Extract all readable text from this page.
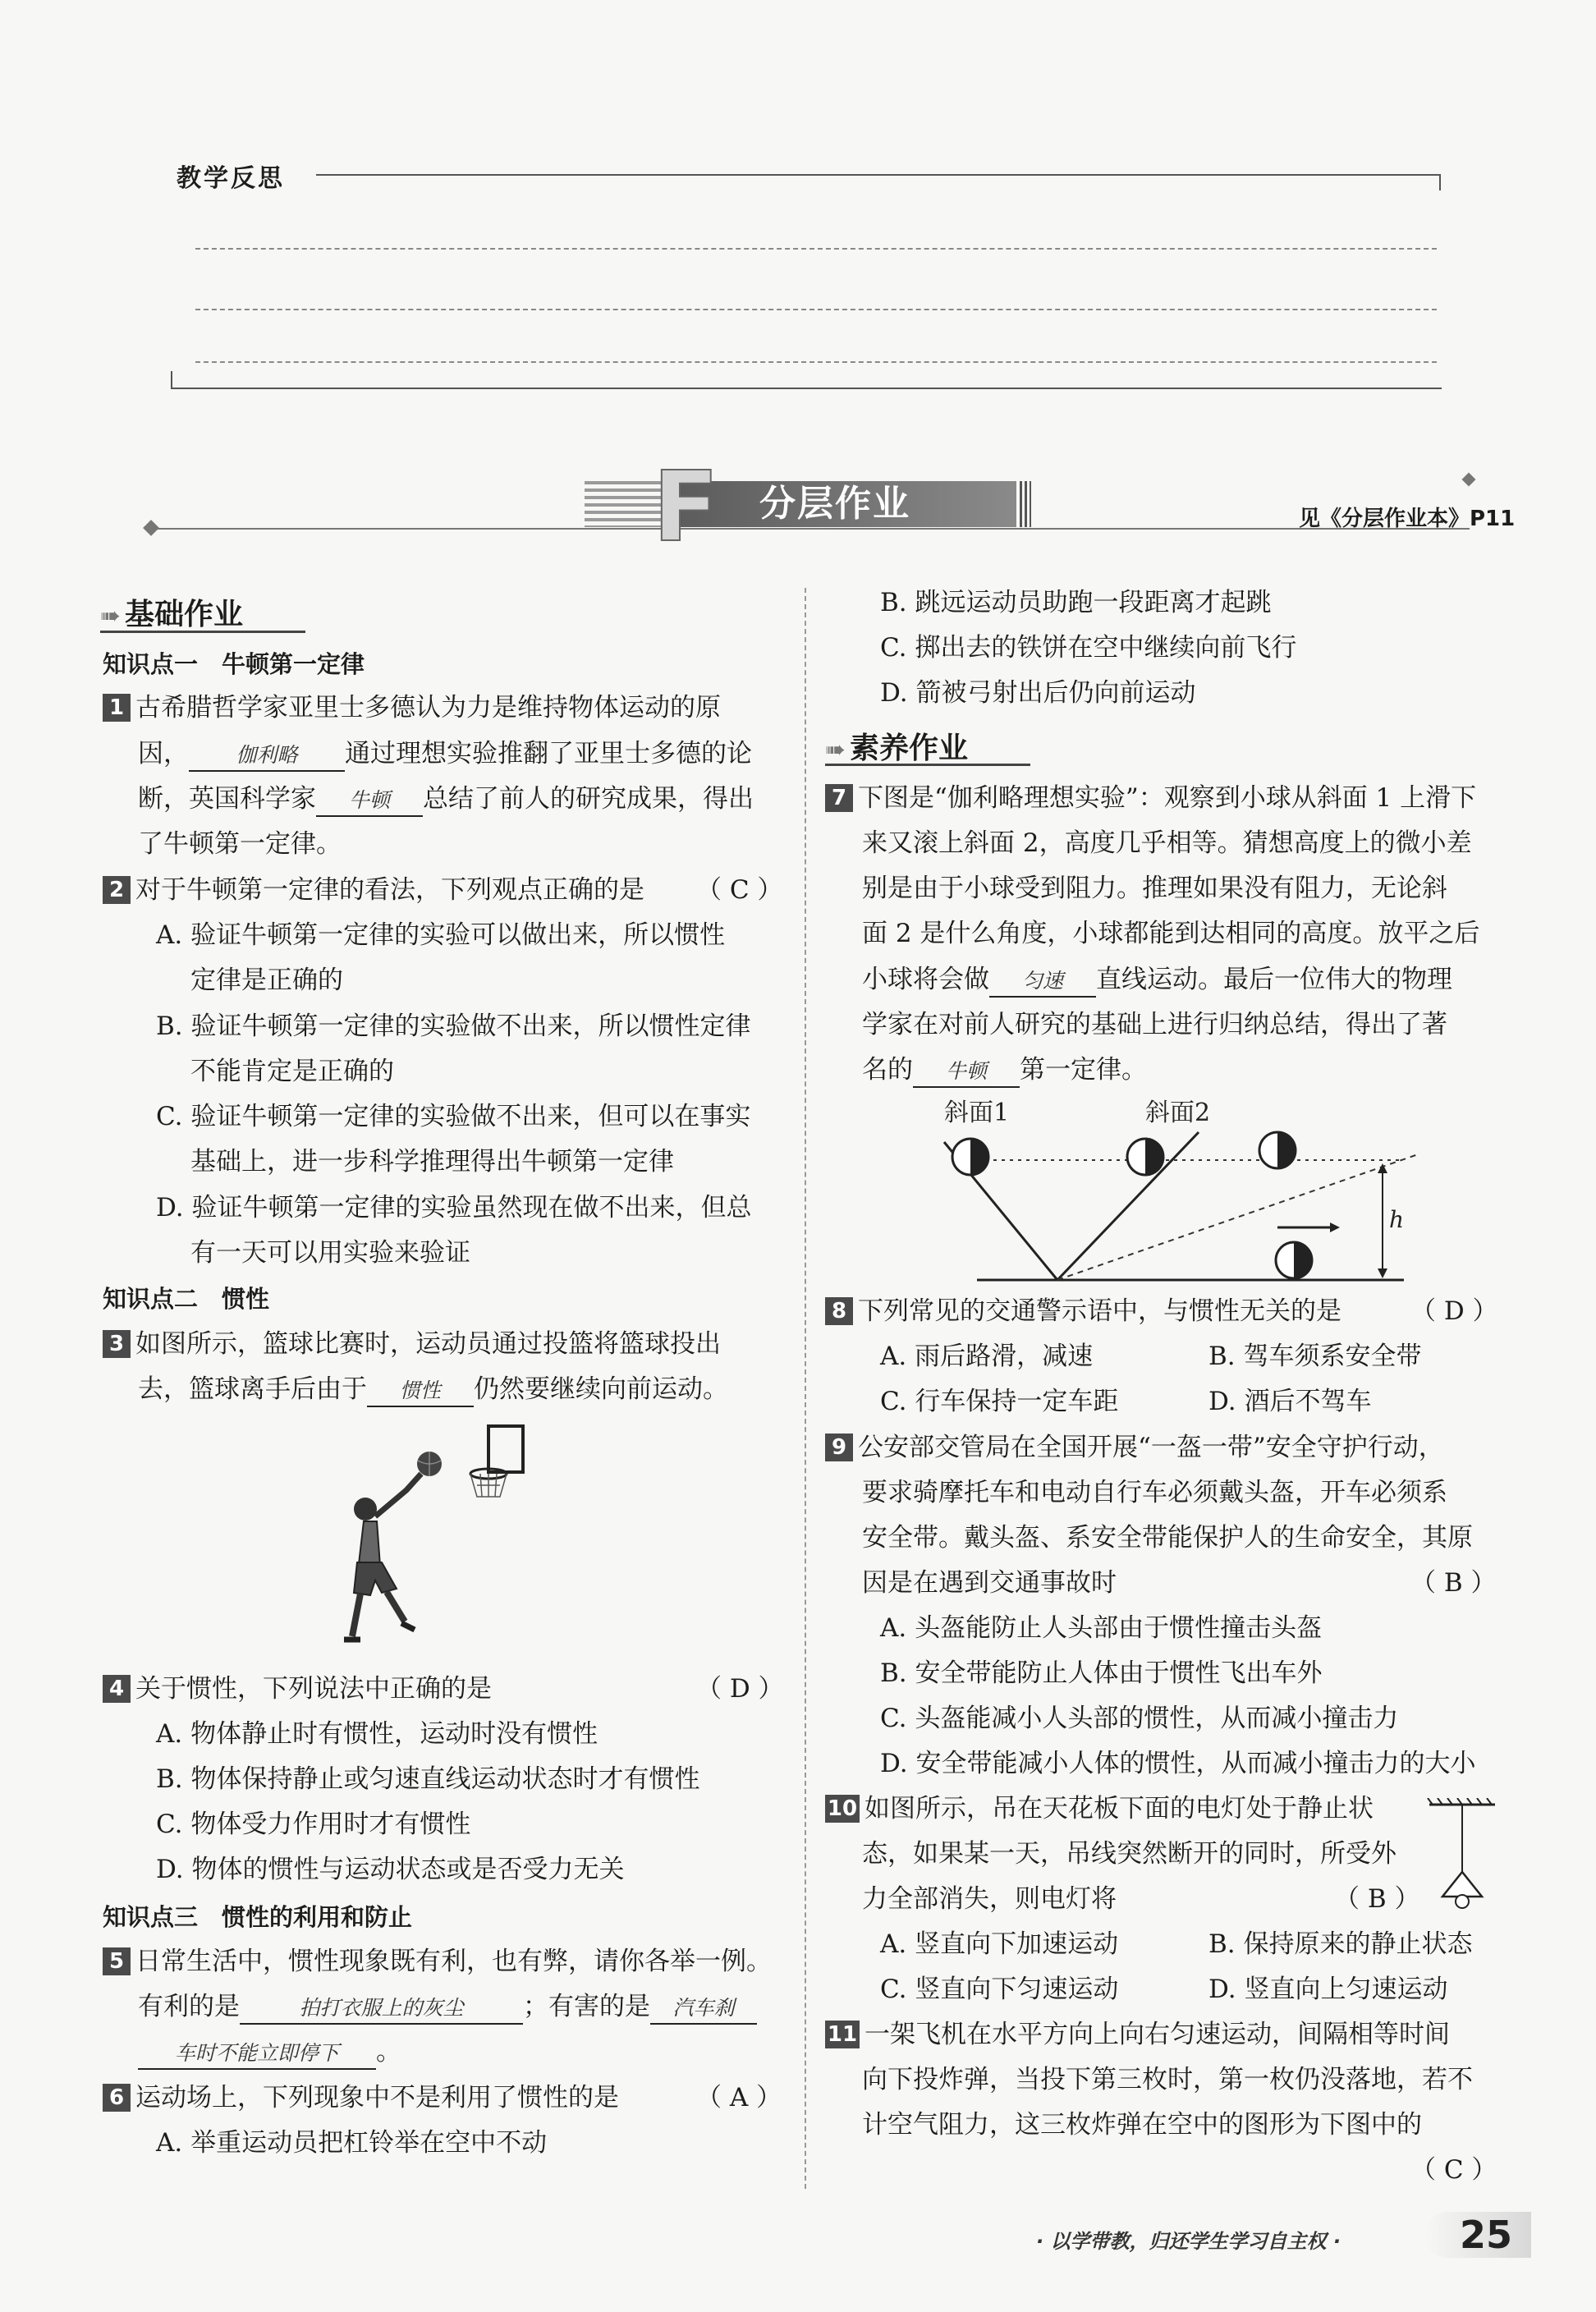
教学反思
F 分层作业	见《分层作业本》P11
➠ 基础作业
知识点一　牛顿第一定律
1 古希腊哲学家亚里士多德认为力是维持物体运动的原
因， 伽利略 通过理想实验推翻了亚里士多德的论
断，英国科学家 牛顿 总结了前人的研究成果，得出
了牛顿第一定律。
2 对于牛顿第一定律的看法，下列观点正确的是 （ C ）
A. 验证牛顿第一定律的实验可以做出来，所以惯性
定律是正确的
B. 验证牛顿第一定律的实验做不出来，所以惯性定律
不能肯定是正确的
C. 验证牛顿第一定律的实验做不出来，但可以在事实
基础上，进一步科学推理得出牛顿第一定律
D. 验证牛顿第一定律的实验虽然现在做不出来，但总
有一天可以用实验来验证
知识点二　惯性
3 如图所示，篮球比赛时，运动员通过投篮将篮球投出
去，篮球离手后由于 惯性 仍然要继续向前运动。
4 关于惯性，下列说法中正确的是	（ D ）
A. 物体静止时有惯性，运动时没有惯性
B. 物体保持静止或匀速直线运动状态时才有惯性
C. 物体受力作用时才有惯性
D. 物体的惯性与运动状态或是否受力无关
知识点三　惯性的利用和防止
5 日常生活中，惯性现象既有利，也有弊，请你各举一例。
有利的是	拍打衣服上的灰尘 ；有害的是 汽车刹
车时不能立即停下 。
6 运动场上，下列现象中不是利用了惯性的是	（ A ）
A. 举重运动员把杠铃举在空中不动
B. 跳远运动员助跑一段距离才起跳
C. 掷出去的铁饼在空中继续向前飞行
D. 箭被弓射出后仍向前运动
➠ 素养作业
7 下图是“伽利略理想实验”：观察到小球从斜面 1 上滑下
来又滚上斜面 2，高度几乎相等。猜想高度上的微小差
别是由于小球受到阻力。推理如果没有阻力，无论斜
面 2 是什么角度，小球都能到达相同的高度。放平之后
小球将会做 匀速 直线运动。最后一位伟大的物理
学家在对前人研究的基础上进行归纳总结，得出了著
名的 牛顿 第一定律。
斜面1	斜面2
h
8 下列常见的交通警示语中，与惯性无关的是	（ D ）
A. 雨后路滑，减速	B. 驾车须系安全带
C. 行车保持一定车距	D. 酒后不驾车
9 公安部交管局在全国开展“一盔一带”安全守护行动，
要求骑摩托车和电动自行车必须戴头盔，开车必须系
安全带。戴头盔、系安全带能保护人的生命安全，其原
因是在遇到交通事故时	（ B ）
A. 头盔能防止人头部由于惯性撞击头盔
B. 安全带能防止人体由于惯性飞出车外
C. 头盔能减小人头部的惯性，从而减小撞击力
D. 安全带能减小人体的惯性，从而减小撞击力的大小
10 如图所示，吊在天花板下面的电灯处于静止状
态，如果某一天，吊线突然断开的同时，所受外
力全部消失，则电灯将	（ B ）
A. 竖直向下加速运动	B. 保持原来的静止状态
C. 竖直向下匀速运动	D. 竖直向上匀速运动
11 一架飞机在水平方向上向右匀速运动，间隔相等时间
向下投炸弹，当投下第三枚时，第一枚仍没落地，若不
计空气阻力，这三枚炸弹在空中的图形为下图中的
（ C ）
· 以学带教，归还学生学习自主权 ·	25
